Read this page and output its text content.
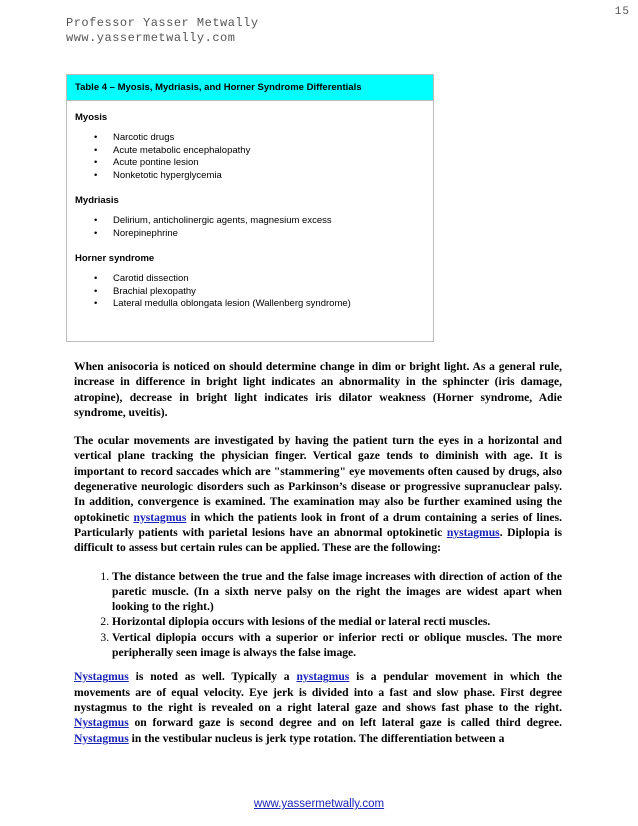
15
Professor Yasser Metwally
www.yassermetwally.com
Table 4 – Myosis, Mydriasis, and Horner Syndrome Differentials
Myosis
• Narcotic drugs
• Acute metabolic encephalopathy
• Acute pontine lesion
• Nonketotic hyperglycemia
Mydriasis
• Delirium, anticholinergic agents, magnesium excess
• Norepinephrine
Horner syndrome
• Carotid dissection
• Brachial plexopathy
• Lateral medulla oblongata lesion (Wallenberg syndrome)

When anisocoria is noticed on should determine change in dim or bright light. As a general rule, increase in difference in bright light indicates an abnormality in the sphincter (iris damage, atropine), decrease in bright light indicates iris dilator weakness (Horner syndrome, Adie syndrome, uveitis).

The ocular movements are investigated by having the patient turn the eyes in a horizontal and vertical plane tracking the physician finger. Vertical gaze tends to diminish with age. It is important to record saccades which are "stammering" eye movements often caused by drugs, also degenerative neurologic disorders such as Parkinson’s disease or progressive supranuclear palsy. In addition, convergence is examined. The examination may also be further examined using the optokinetic nystagmus in which the patients look in front of a drum containing a series of lines. Particularly patients with parietal lesions have an abnormal optokinetic nystagmus. Diplopia is difficult to assess but certain rules can be applied. These are the following:

1. The distance between the true and the false image increases with direction of action of the paretic muscle. (In a sixth nerve palsy on the right the images are widest apart when looking to the right.)
2. Horizontal diplopia occurs with lesions of the medial or lateral recti muscles.
3. Vertical diplopia occurs with a superior or inferior recti or oblique muscles. The more peripherally seen image is always the false image.

Nystagmus is noted as well. Typically a nystagmus is a pendular movement in which the movements are of equal velocity. Eye jerk is divided into a fast and slow phase. First degree nystagmus to the right is revealed on a right lateral gaze and shows fast phase to the right. Nystagmus on forward gaze is second degree and on left lateral gaze is called third degree. Nystagmus in the vestibular nucleus is jerk type rotation. The differentiation between a

www.yassermetwally.com
